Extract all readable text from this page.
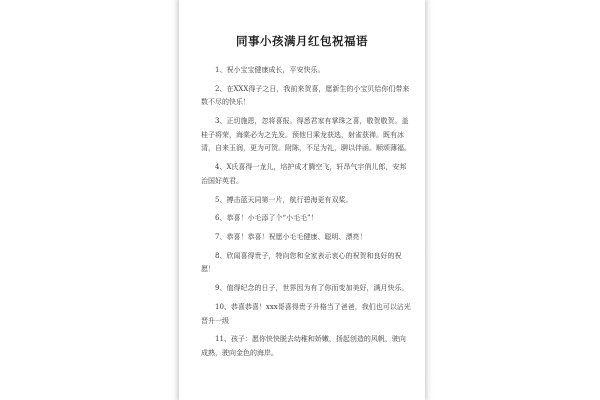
同事小孩满月红包祝福语

1、祝小宝宝健康成长，平安快乐。

2、在XXX得子之日，我前来贺喜，愿新生的小宝贝给你们带来数不尽的快乐！

3、正切施恩，忽将喜报。得悉君家有掌珠之喜，敬贺敬贺。盖桂子将荣，海棠必为之先发。预他日乘龙获选，射雀获禅。既有冰清，自来玉润，更为可贺。附陈，不足为礼，聊以伴函。顺颂薄福。

4、X氏喜得一龙儿，培护成才腾空飞，轩昂气宇俏儿郎，安邦治国好英君。

5、搏击蓝天同第一片，航行碧海更有双桨。

6、恭喜！小毛添了个“小毛毛”！

7、恭喜！恭喜！祝愿小毛毛健康、聪明、漂亮！

8、欣闻喜得贵子，特向您和全家表示衷心的祝贺和良好的祝愿！

9、值得纪念的日子，世界因为有了你而变加美好，满月快乐。

10、恭喜恭喜！xxx哥喜得贵子升格当了爸爸，我们也可以沾光晋升一级

11、孩子：愿你快快脱去幼稚和娇嫩，扬起创造的风帆，驶向成熟，驶向金色的海岸。
